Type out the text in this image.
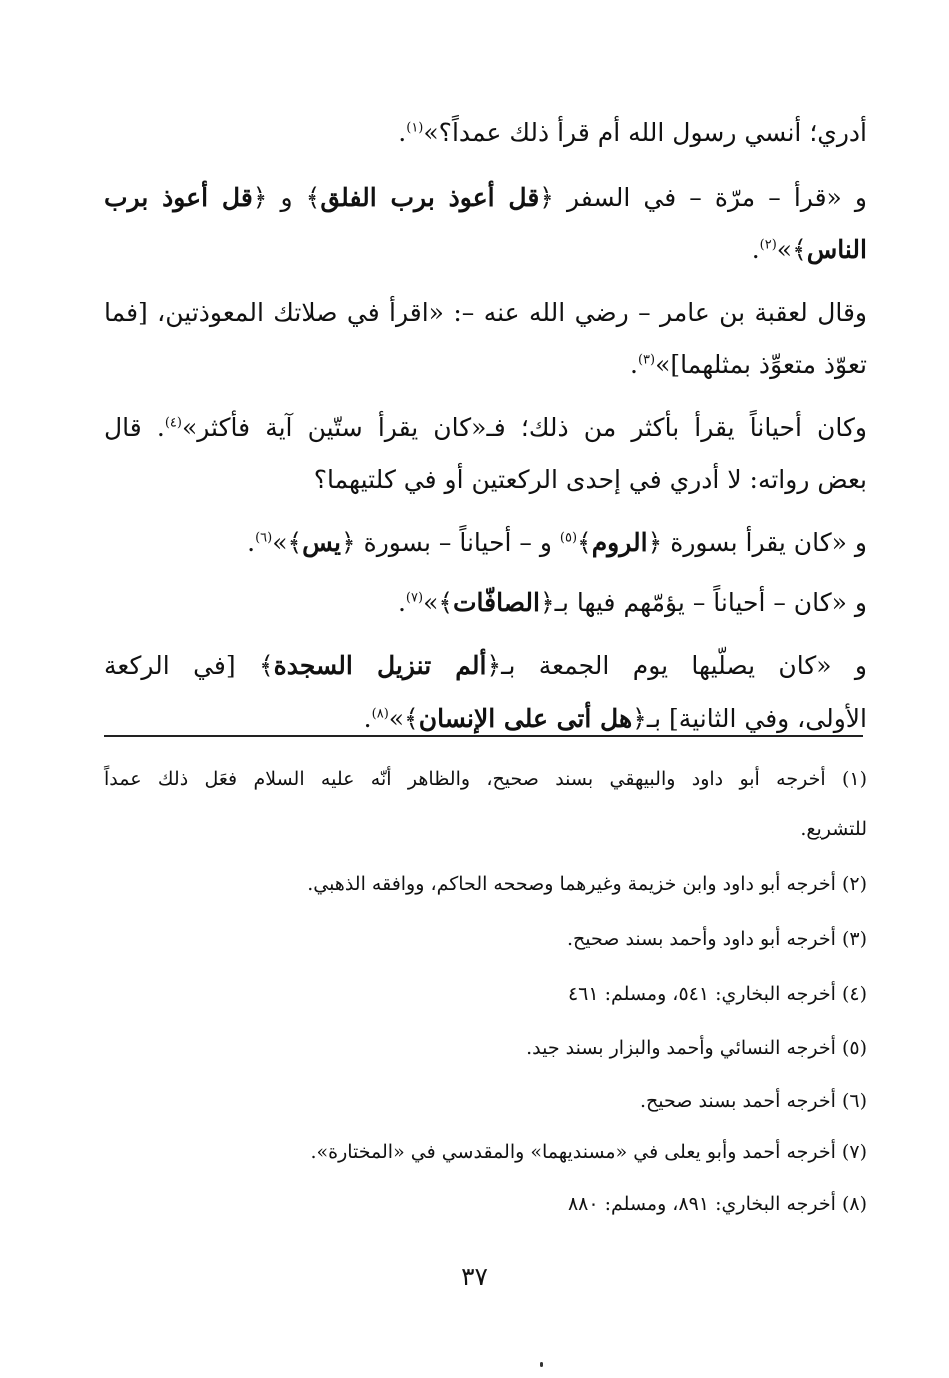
أدري؛ أنسي رسول الله أم قرأ ذلك عمداً؟»$^{(١)}$.
و «قرأ – مرّة – في السفر ﴿قل أعوذ برب الفلق﴾ و ﴿قل أعوذ برب
الناس﴾»$^{(٢)}$.
وقال لعقبة بن عامر – رضي الله عنه –: «اقرأ في صلاتك المعوذتين، [فما
تعوّذ متعوِّذ بمثلهما]»$^{(٣)}$.
وكان أحياناً يقرأ بأكثر من ذلك؛ فـ«كان يقرأ ستّين آية فأكثر»$^{(٤)}$. قال
بعض رواته: لا أدري في إحدى الركعتين أو في كلتيهما؟
و «كان يقرأ بسورة ﴿الروم﴾$^{(٥)}$ و – أحياناً – بسورة ﴿يس﴾»$^{(٦)}$.
و «كان – أحياناً – يؤمّهم فيها بـ﴿الصافّات﴾»$^{(٧)}$.
و «كان يصلّيها يوم الجمعة بـ﴿ألم تنزيل السجدة﴾ [في الركعة
الأولى، وفي الثانية] بـ﴿هل أتى على الإنسان﴾»$^{(٨)}$.
(١) أخرجه أبو داود والبيهقي بسند صحيح، والظاهر أنّه عليه السلام فعَل ذلك عمداً
للتشريع.
(٢) أخرجه أبو داود وابن خزيمة وغيرهما وصححه الحاكم، ووافقه الذهبي.
(٣) أخرجه أبو داود وأحمد بسند صحيح.
(٤) أخرجه البخاري: ٥٤١، ومسلم: ٤٦١
(٥) أخرجه النسائي وأحمد والبزار بسند جيد.
(٦) أخرجه أحمد بسند صحيح.
(٧) أخرجه أحمد وأبو يعلى في «مسنديهما» والمقدسي في «المختارة».
(٨) أخرجه البخاري: ٨٩١، ومسلم: ٨٨٠
٣٧
